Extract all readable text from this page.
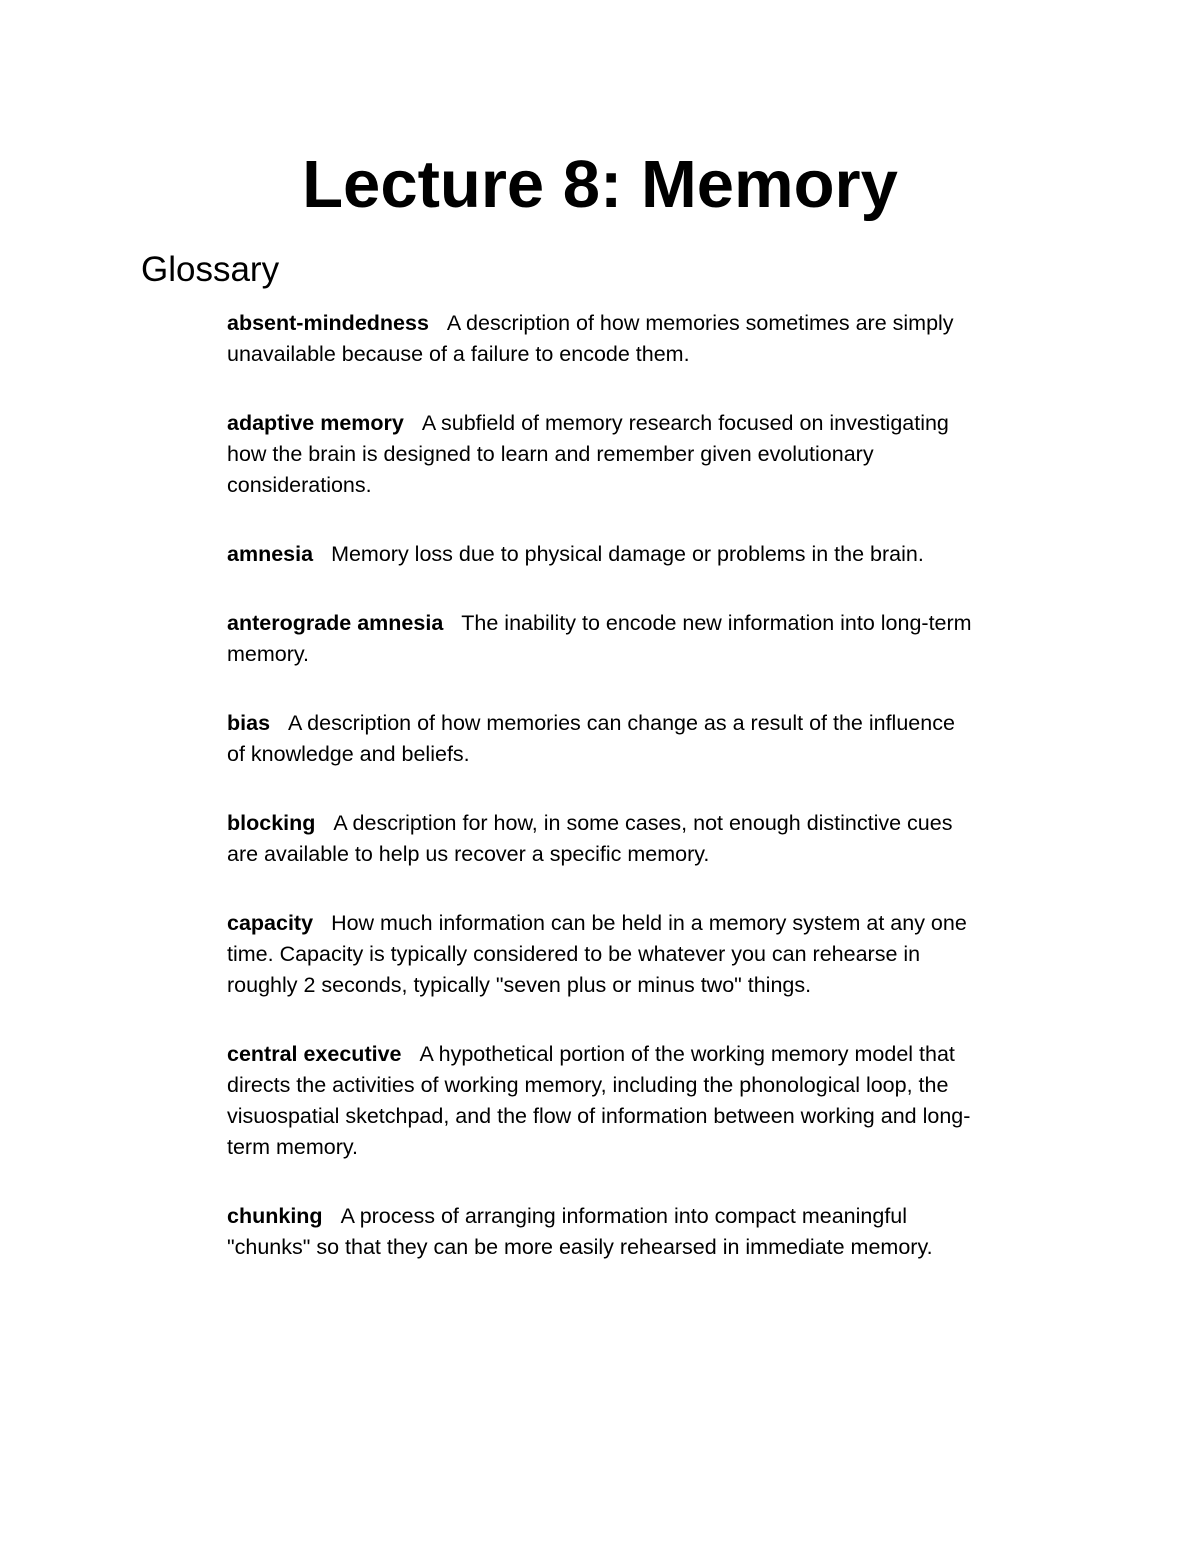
Lecture 8: Memory
Glossary
absent-mindedness A description of how memories sometimes are simply unavailable because of a failure to encode them.
adaptive memory A subfield of memory research focused on investigating how the brain is designed to learn and remember given evolutionary considerations.
amnesia Memory loss due to physical damage or problems in the brain.
anterograde amnesia The inability to encode new information into long-term memory.
bias A description of how memories can change as a result of the influence of knowledge and beliefs.
blocking A description for how, in some cases, not enough distinctive cues are available to help us recover a specific memory.
capacity How much information can be held in a memory system at any one time. Capacity is typically considered to be whatever you can rehearse in roughly 2 seconds, typically "seven plus or minus two" things.
central executive A hypothetical portion of the working memory model that directs the activities of working memory, including the phonological loop, the visuospatial sketchpad, and the flow of information between working and long-term memory.
chunking A process of arranging information into compact meaningful "chunks" so that they can be more easily rehearsed in immediate memory.
